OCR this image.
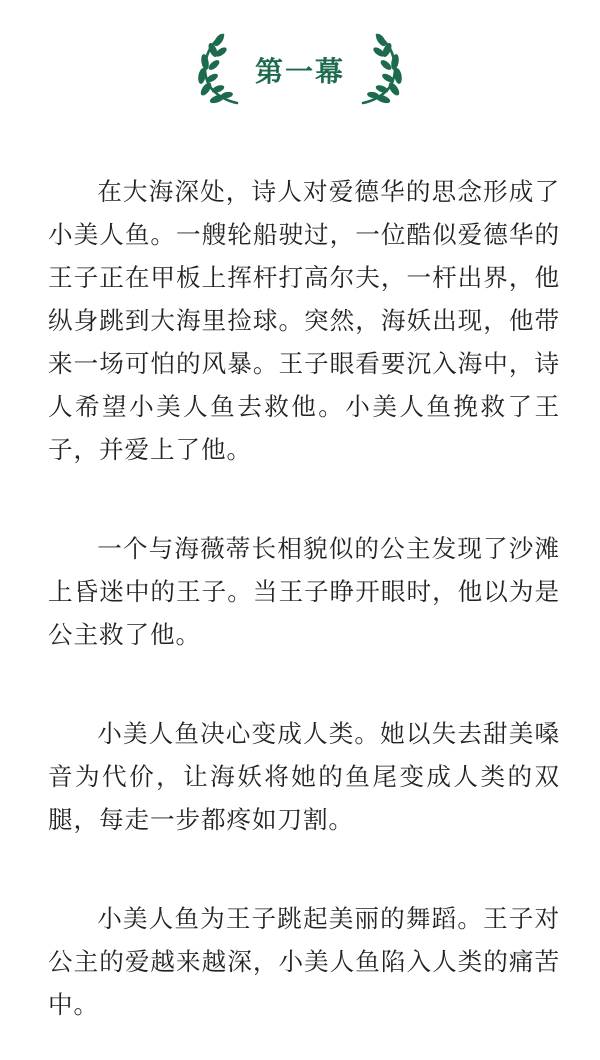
第一幕

在大海深处，诗人对爱德华的思念形成了小美人鱼。一艘轮船驶过，一位酷似爱德华的王子正在甲板上挥杆打高尔夫，一杆出界，他纵身跳到大海里捡球。突然，海妖出现，他带来一场可怕的风暴。王子眼看要沉入海中，诗人希望小美人鱼去救他。小美人鱼挽救了王子，并爱上了他。

一个与海薇蒂长相貌似的公主发现了沙滩上昏迷中的王子。当王子睁开眼时，他以为是公主救了他。

小美人鱼决心变成人类。她以失去甜美嗓音为代价，让海妖将她的鱼尾变成人类的双腿，每走一步都疼如刀割。

小美人鱼为王子跳起美丽的舞蹈。王子对公主的爱越来越深，小美人鱼陷入人类的痛苦中。
